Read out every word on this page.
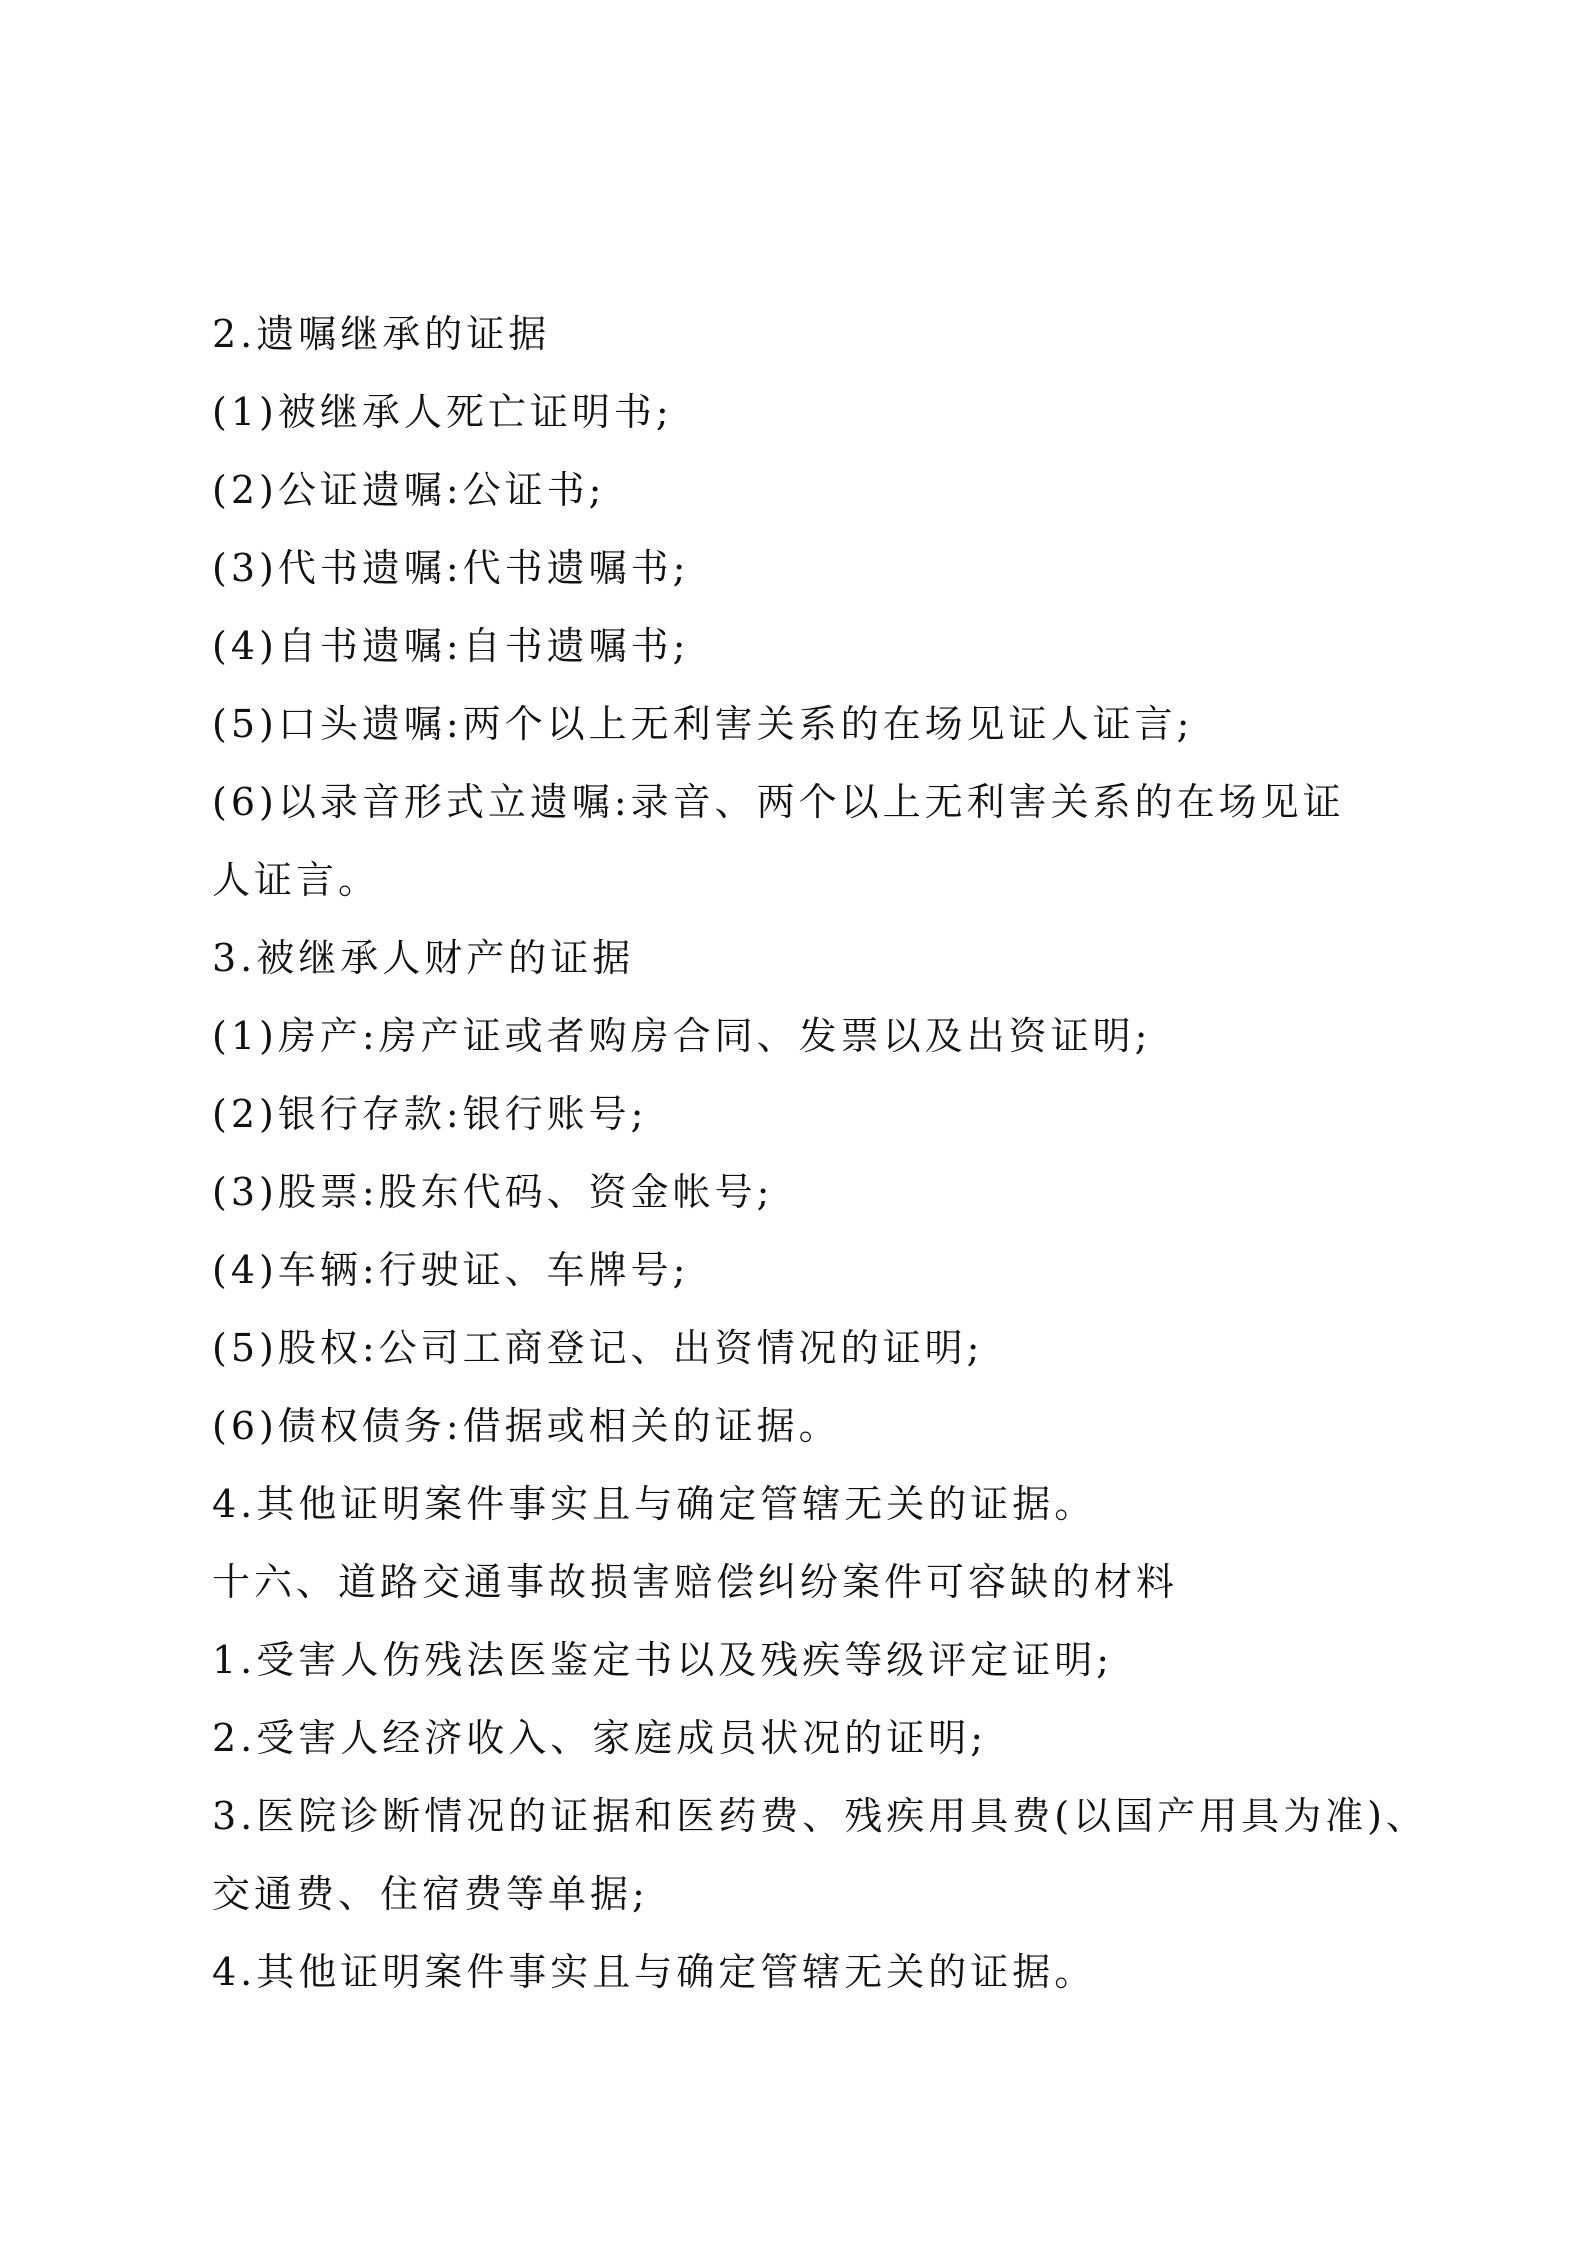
2.遗嘱继承的证据
(1)被继承人死亡证明书;
(2)公证遗嘱:公证书;
(3)代书遗嘱:代书遗嘱书;
(4)自书遗嘱:自书遗嘱书;
(5)口头遗嘱:两个以上无利害关系的在场见证人证言;
(6)以录音形式立遗嘱:录音、两个以上无利害关系的在场见证
人证言。
3.被继承人财产的证据
(1)房产:房产证或者购房合同、发票以及出资证明;
(2)银行存款:银行账号;
(3)股票:股东代码、资金帐号;
(4)车辆:行驶证、车牌号;
(5)股权:公司工商登记、出资情况的证明;
(6)债权债务:借据或相关的证据。
4.其他证明案件事实且与确定管辖无关的证据。
十六、道路交通事故损害赔偿纠纷案件可容缺的材料
1.受害人伤残法医鉴定书以及残疾等级评定证明;
2.受害人经济收入、家庭成员状况的证明;
3.医院诊断情况的证据和医药费、残疾用具费(以国产用具为准)、
交通费、住宿费等单据;
4.其他证明案件事实且与确定管辖无关的证据。
